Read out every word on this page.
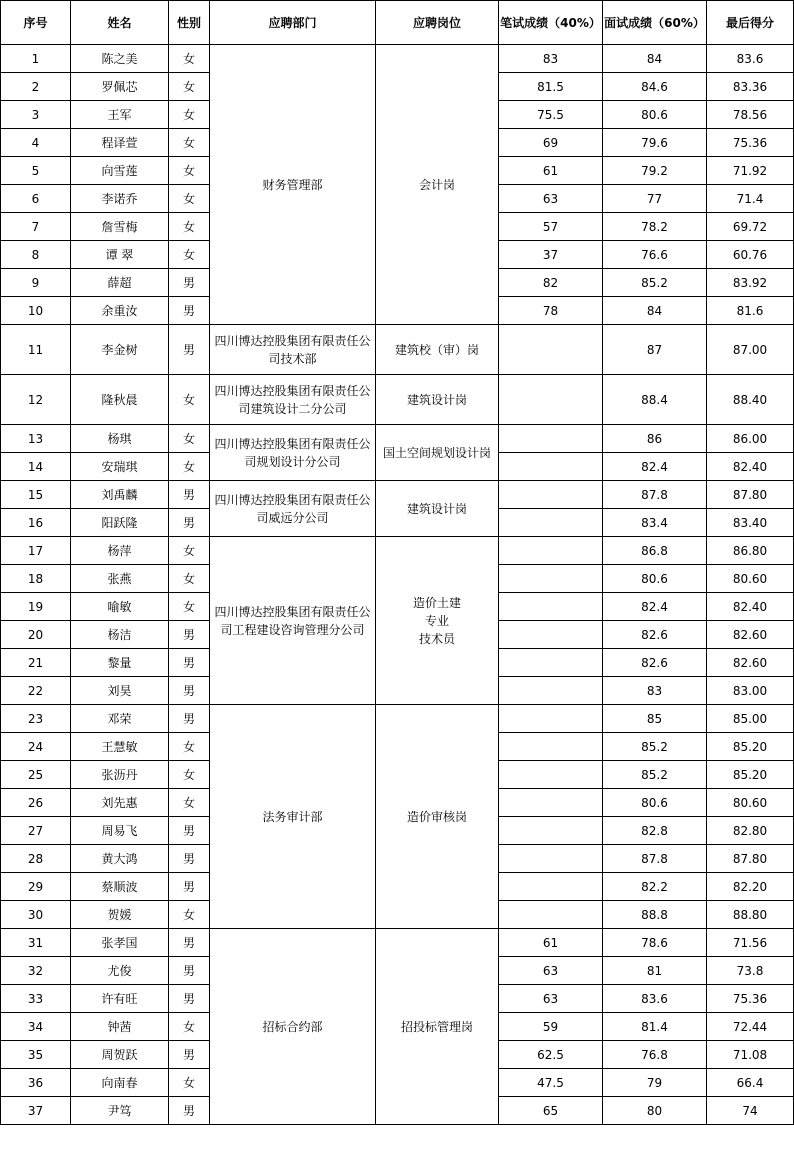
序号	姓名	性别	应聘部门	应聘岗位	笔试成绩（40%）	面试成绩（60%）	最后得分
1	陈之美	女	财务管理部	会计岗	83	84	83.6
2	罗佩芯	女			81.5	84.6	83.36
3	王军	女			75.5	80.6	78.56
4	程译萱	女			69	79.6	75.36
5	向雪莲	女			61	79.2	71.92
6	李诺乔	女			63	77	71.4
7	詹雪梅	女			57	78.2	69.72
8	谭 翠	女			37	76.6	60.76
9	薛超	男			82	85.2	83.92
10	余重汝	男			78	84	81.6
11	李金树	男	四川博达控股集团有限责任公司技术部	建筑校（审）岗		87	87.00
12	隆秋晨	女	四川博达控股集团有限责任公司建筑设计二分公司	建筑设计岗		88.4	88.40
13	杨琪	女	四川博达控股集团有限责任公司规划设计分公司	国土空间规划设计岗		86	86.00
14	安瑞琪	女				82.4	82.40
15	刘禹麟	男	四川博达控股集团有限责任公司威远分公司	建筑设计岗		87.8	87.80
16	阳跃隆	男				83.4	83.40
17	杨萍	女	四川博达控股集团有限责任公司工程建设咨询管理分公司	造价土建
专业
技术员		86.8	86.80
18	张燕	女				80.6	80.60
19	喻敏	女				82.4	82.40
20	杨洁	男				82.6	82.60
21	黎量	男				82.6	82.60
22	刘昊	男				83	83.00
23	邓荣	男	法务审计部	造价审核岗		85	85.00
24	王慧敏	女				85.2	85.20
25	张沥丹	女				85.2	85.20
26	刘先惠	女				80.6	80.60
27	周易飞	男				82.8	82.80
28	黄大鸿	男				87.8	87.80
29	蔡顺波	男				82.2	82.20
30	贺媛	女				88.8	88.80
31	张孝国	男	招标合约部	招投标管理岗	61	78.6	71.56
32	尤俊	男			63	81	73.8
33	许有旺	男			63	83.6	75.36
34	钟茜	女			59	81.4	72.44
35	周贺跃	男			62.5	76.8	71.08
36	向南春	女			47.5	79	66.4
37	尹笃	男			65	80	74
